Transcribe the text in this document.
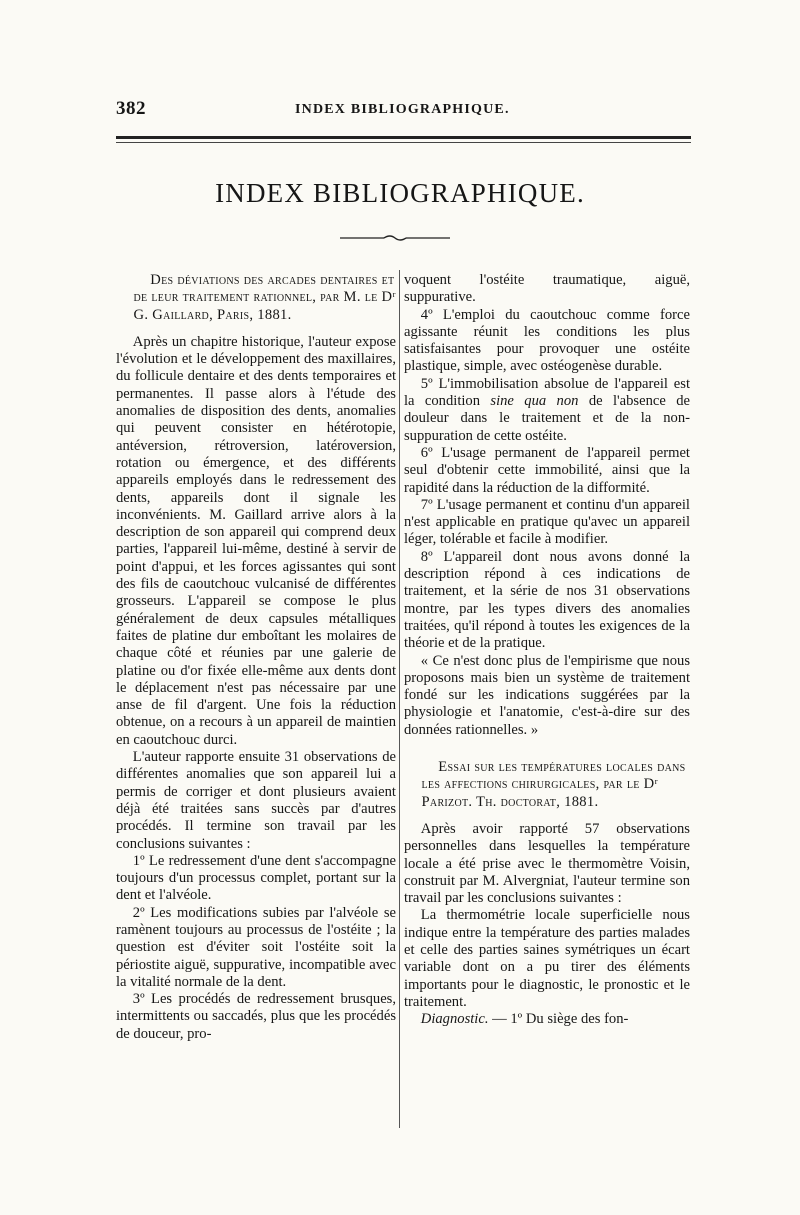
382	INDEX BIBLIOGRAPHIQUE.
INDEX BIBLIOGRAPHIQUE.

Des déviations des arcades dentaires et de leur traitement rationnel, par M. le Dʳ G. Gaillard, Paris, 1881.

Après un chapitre historique, l'auteur expose l'évolution et le développement des maxillaires, du follicule dentaire et des dents temporaires et permanentes. Il passe alors à l'étude des anomalies de disposition des dents, anomalies qui peuvent consister en hétérotopie, antéversion, rétroversion, latéroversion, rotation ou émergence, et des différents appareils employés dans le redressement des dents, appareils dont il signale les inconvénients. M. Gaillard arrive alors à la description de son appareil qui comprend deux parties, l'appareil lui-même, destiné à servir de point d'appui, et les forces agissantes qui sont des fils de caoutchouc vulcanisé de différentes grosseurs. L'appareil se compose le plus généralement de deux capsules métalliques faites de platine dur emboîtant les molaires de chaque côté et réunies par une galerie de platine ou d'or fixée elle-même aux dents dont le déplacement n'est pas nécessaire par une anse de fil d'argent. Une fois la réduction obtenue, on a recours à un appareil de maintien en caoutchouc durci.

L'auteur rapporte ensuite 31 observations de différentes anomalies que son appareil lui a permis de corriger et dont plusieurs avaient déjà été traitées sans succès par d'autres procédés. Il termine son travail par les conclusions suivantes :

1º Le redressement d'une dent s'accompagne toujours d'un processus complet, portant sur la dent et l'alvéole.

2º Les modifications subies par l'alvéole se ramènent toujours au processus de l'ostéite ; la question est d'éviter soit l'ostéite soit la périostite aiguë, suppurative, incompatible avec la vitalité normale de la dent.

3º Les procédés de redressement brusques, intermittents ou saccadés, plus que les procédés de douceur, pro-

voquent l'ostéite traumatique, aiguë, suppurative.

4º L'emploi du caoutchouc comme force agissante réunit les conditions les plus satisfaisantes pour provoquer une ostéite plastique, simple, avec ostéogenèse durable.

5º L'immobilisation absolue de l'appareil est la condition sine qua non de l'absence de douleur dans le traitement et de la non-suppuration de cette ostéite.

6º L'usage permanent de l'appareil permet seul d'obtenir cette immobilité, ainsi que la rapidité dans la réduction de la difformité.

7º L'usage permanent et continu d'un appareil n'est applicable en pratique qu'avec un appareil léger, tolérable et facile à modifier.

8º L'appareil dont nous avons donné la description répond à ces indications de traitement, et la série de nos 31 observations montre, par les types divers des anomalies traitées, qu'il répond à toutes les exigences de la théorie et de la pratique.

« Ce n'est donc plus de l'empirisme que nous proposons mais bien un système de traitement fondé sur les indications suggérées par la physiologie et l'anatomie, c'est-à-dire sur des données rationnelles. »

Essai sur les températures locales dans les affections chirurgicales, par le Dʳ Parizot. Th. doctorat, 1881.

Après avoir rapporté 57 observations personnelles dans lesquelles la température locale a été prise avec le thermomètre Voisin, construit par M. Alvergniat, l'auteur termine son travail par les conclusions suivantes :

La thermométrie locale superficielle nous indique entre la température des parties malades et celle des parties saines symétriques un écart variable dont on a pu tirer des éléments importants pour le diagnostic, le pronostic et le traitement.

Diagnostic. — 1º Du siège des fon-
